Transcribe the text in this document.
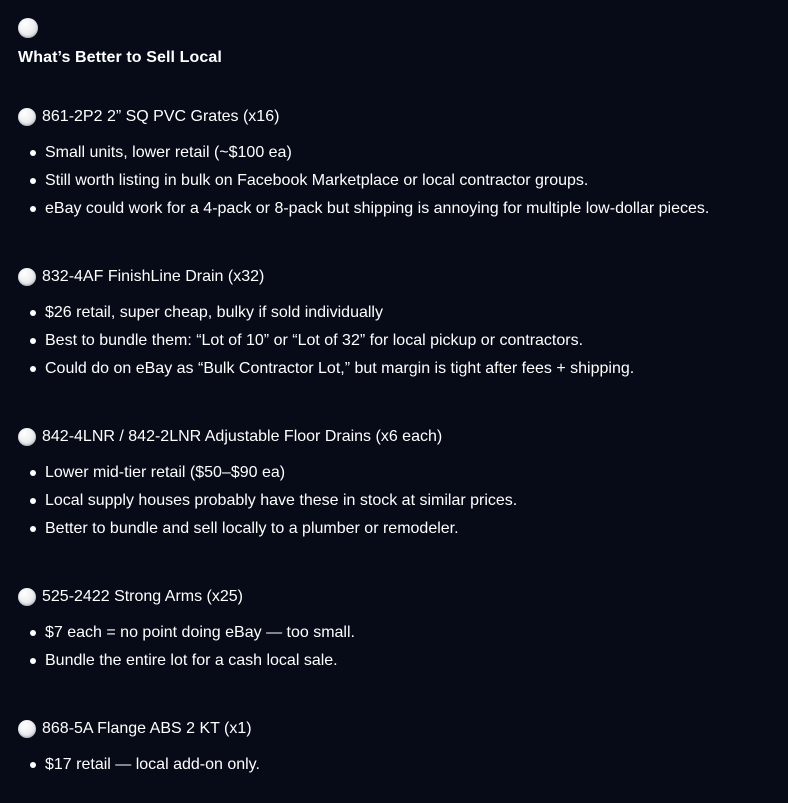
What’s Better to Sell Local
861-2P2 2” SQ PVC Grates (x16)
Small units, lower retail (~$100 ea)
Still worth listing in bulk on Facebook Marketplace or local contractor groups.
eBay could work for a 4-pack or 8-pack but shipping is annoying for multiple low-dollar pieces.
832-4AF FinishLine Drain (x32)
$26 retail, super cheap, bulky if sold individually
Best to bundle them: “Lot of 10” or “Lot of 32” for local pickup or contractors.
Could do on eBay as “Bulk Contractor Lot,” but margin is tight after fees + shipping.
842-4LNR / 842-2LNR Adjustable Floor Drains (x6 each)
Lower mid-tier retail ($50–$90 ea)
Local supply houses probably have these in stock at similar prices.
Better to bundle and sell locally to a plumber or remodeler.
525-2422 Strong Arms (x25)
$7 each = no point doing eBay — too small.
Bundle the entire lot for a cash local sale.
868-5A Flange ABS 2 KT (x1)
$17 retail — local add-on only.
